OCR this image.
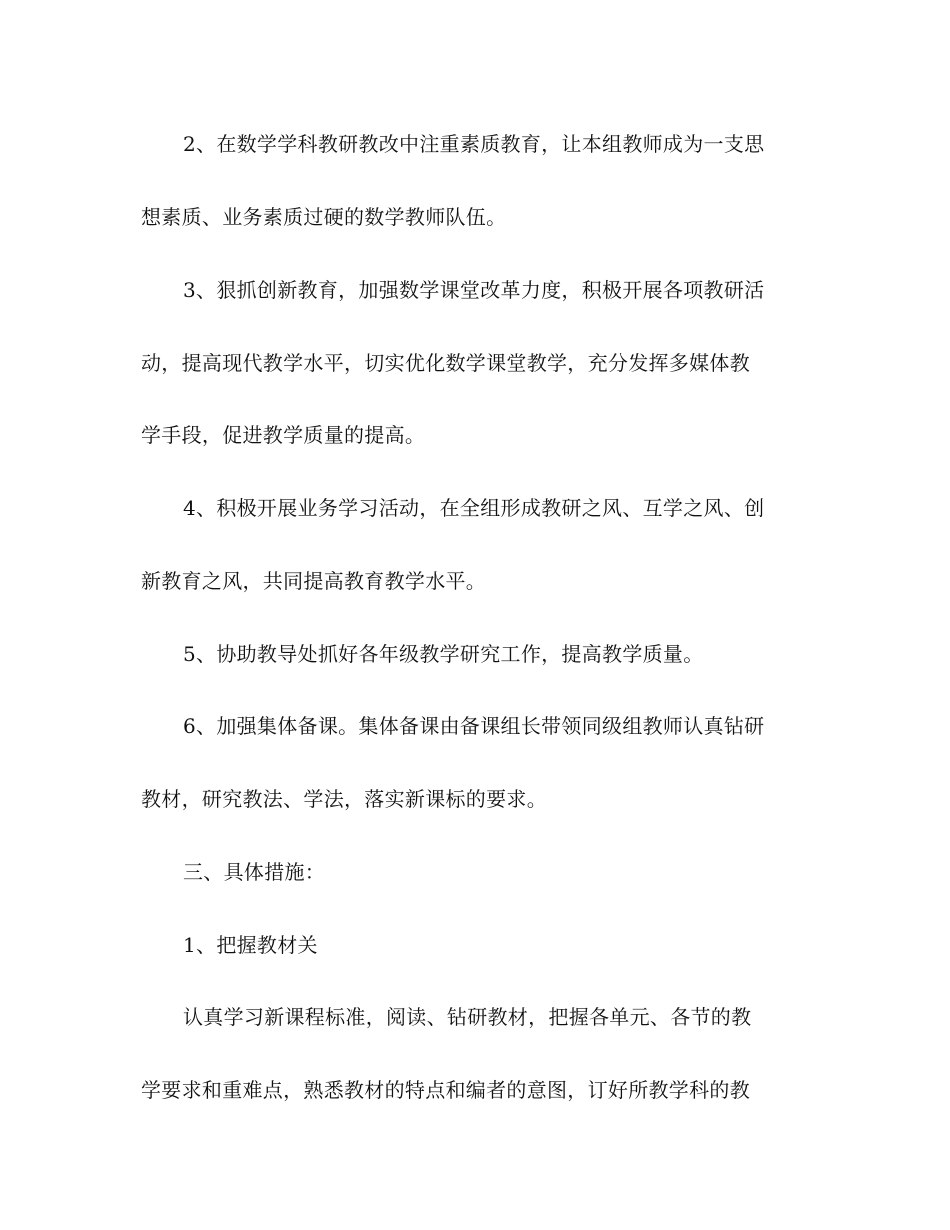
2、在数学学科教研教改中注重素质教育，让本组教师成为一支思
想素质、业务素质过硬的数学教师队伍。
3、狠抓创新教育，加强数学课堂改革力度，积极开展各项教研活
动，提高现代教学水平，切实优化数学课堂教学，充分发挥多媒体教
学手段，促进教学质量的提高。
4、积极开展业务学习活动，在全组形成教研之风、互学之风、创
新教育之风，共同提高教育教学水平。
5、协助教导处抓好各年级教学研究工作，提高教学质量。
6、加强集体备课。集体备课由备课组长带领同级组教师认真钻研
教材，研究教法、学法，落实新课标的要求。
三、具体措施：
1、把握教材关
认真学习新课程标准，阅读、钻研教材，把握各单元、各节的教
学要求和重难点，熟悉教材的特点和编者的意图，订好所教学科的教
